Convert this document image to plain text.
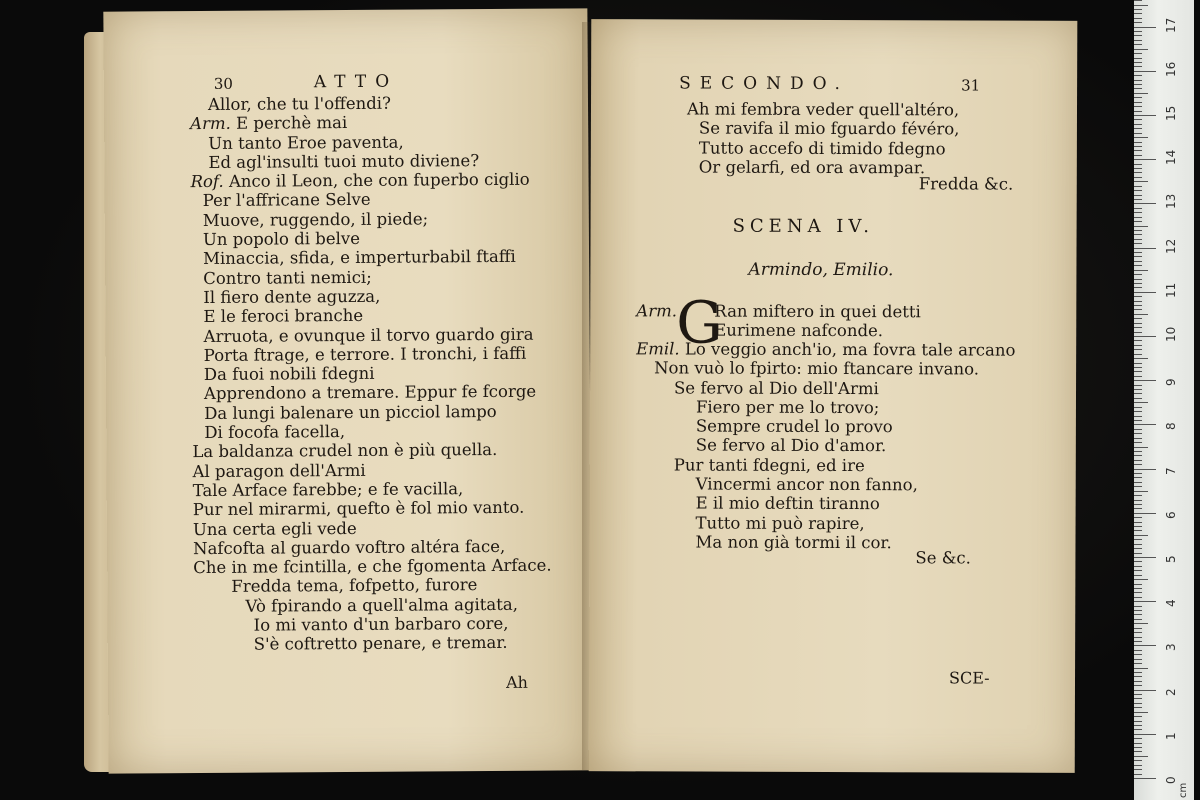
30	ATTO
Allor, che tu l'offendi?
Arm. E perchè mai
Un tanto Eroe paventa,
Ed agl'insulti tuoi muto diviene?
Rof. Anco il Leon, che con fuperbo ciglio
Per l'affricane Selve
Muove, ruggendo, il piede;
Un popolo di belve
Minaccia, sfida, e imperturbabil ftaffi
Contro tanti nemici;
Il fiero dente aguzza,
E le feroci branche
Arruota, e ovunque il torvo guardo gira
Porta ftrage, e terrore. I tronchi, i faffi
Da fuoi nobili fdegni
Apprendono a tremare. Eppur fe fcorge
Da lungi balenare un picciol lampo
Di focofa facella,
La baldanza crudel non è più quella.
Al paragon dell'Armi
Tale Arface farebbe; e fe vacilla,
Pur nel mirarmi, quefto è fol mio vanto.
Una certa egli vede
Nafcofta al guardo voftro altéra face,
Che in me fcintilla, e che fgomenta Arface.
Fredda tema, fofpetto, furore
Vò fpirando a quell'alma agitata,
Io mi vanto d'un barbaro core,
S'è coftretto penare, e tremar.
Ah
SECONDO.	31
Ah mi fembra veder quell'altéro,
Se ravifa il mio fguardo févéro,
Tutto accefo di timido fdegno
Or gelarfi, ed ora avampar.
Fredda &c.
SCENA IV.
Armindo, Emilio.
Arm. G
Ran miftero in quei detti
Eurimene nafconde.
Emil. Lo veggio anch'io, ma fovra tale arcano
Non vuò lo fpirto: mio ftancare invano.
Se fervo al Dio dell'Armi
Fiero per me lo trovo;
Sempre crudel lo provo
Se fervo al Dio d'amor.
Pur tanti fdegni, ed ire
Vincermi ancor non fanno,
E il mio deftin tiranno
Tutto mi può rapire,
Ma non già tormi il cor.
Se &c.
SCE-
0
1
2
3
4
5
6
7
8
9
10
11
12
13
14
15
16
17
cm
